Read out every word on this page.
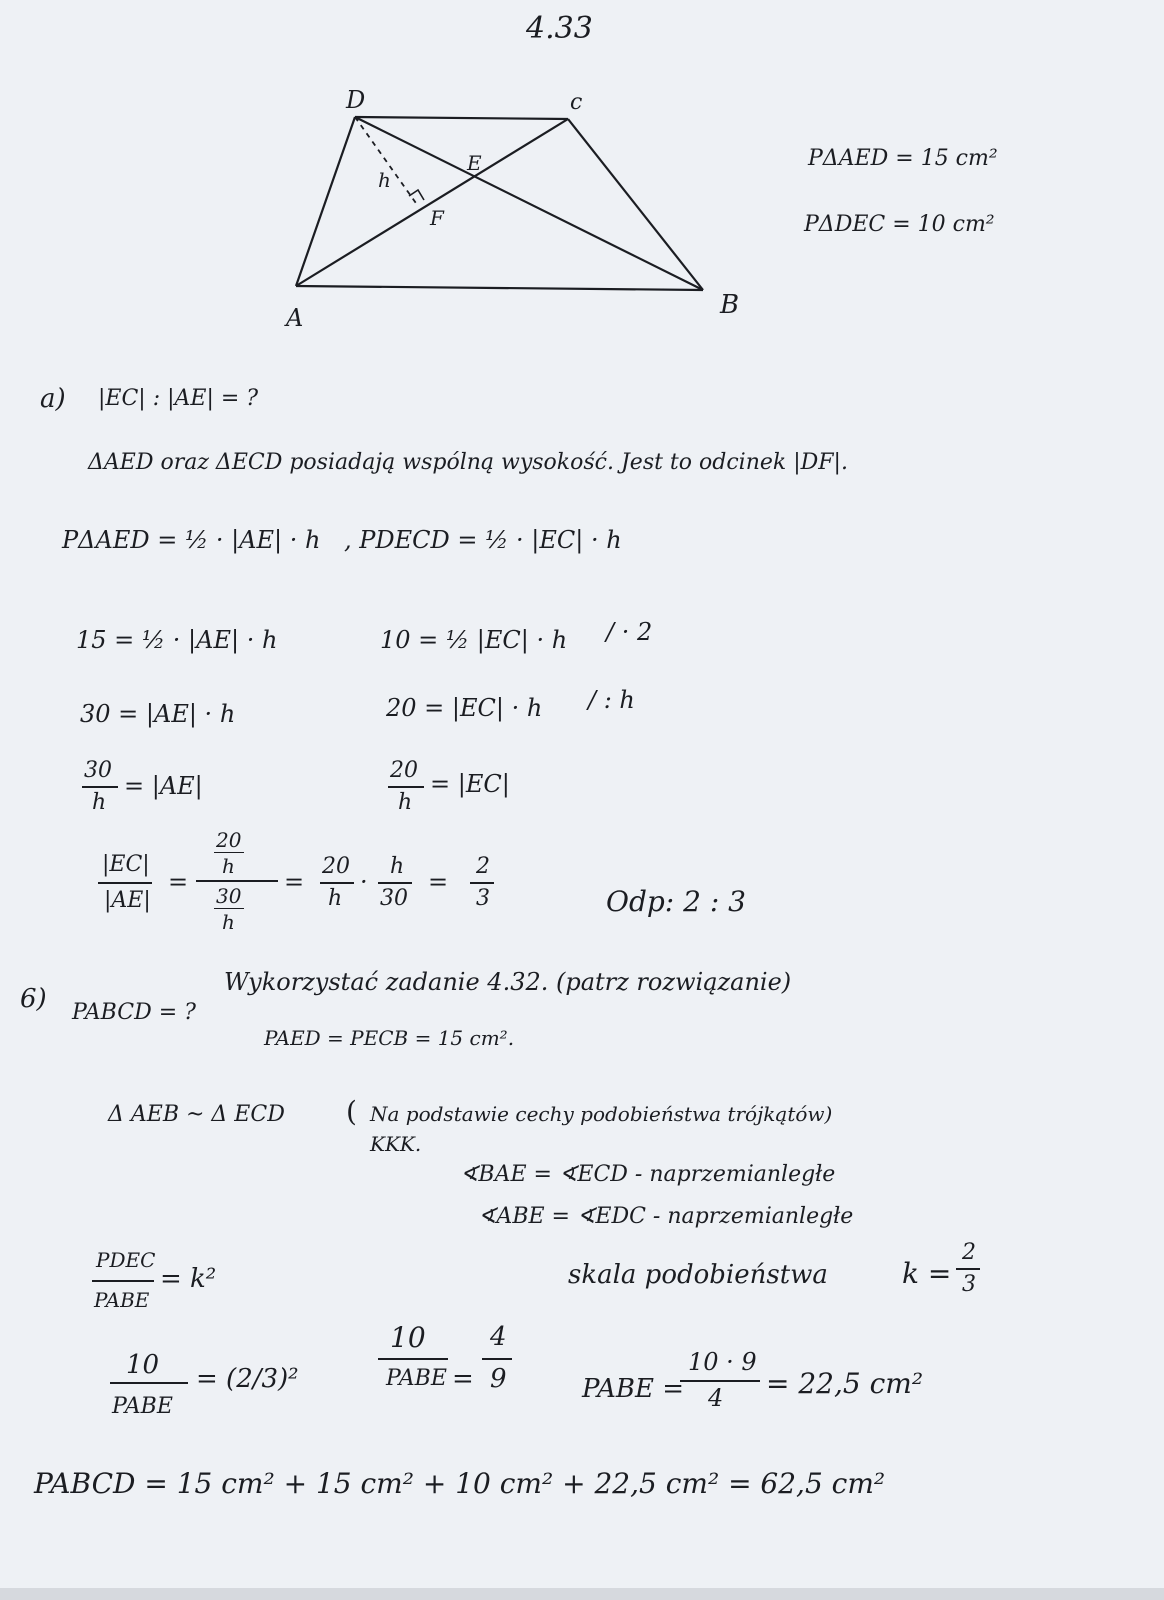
4.33
D	c
E
F
h
A	B
PΔAED = 15 cm²
PΔDEC = 10 cm²
a) |EC| : |AE| = ?
ΔAED oraz ΔECD posiadają wspólną wysokość. Jest to odcinek |DF|.
PΔAED = ½ · |AE| · h , PDECD = ½ · |EC| · h
15 = ½ · |AE| · h	10 = ½ |EC| · h / · 2
30 = |AE| · h	20 = |EC| · h / : h
30
h
= |AE|
20
h
= |EC|
|EC|
|AE|
=
20
h
30
h
=
20
h
·
h
30
=
2
3	Odp: 2 : 3
6) PABCD = ?
Wykorzystać zadanie 4.32. (patrz rozwiązanie)
PAED = PECB = 15 cm².
Δ AEB ~ Δ ECD ( Na podstawie cechy podobieństwa trójkątów)
KKK.
∢BAE = ∢ECD - naprzemianległe
∢ABE = ∢EDC - naprzemianległe
skala podobieństwa	k =
2
3
PDEC
PABE
= k²
10
PABE
= (2/3)²
10
PABE =
4
9	PABE =
10 · 9
4 = 22,5 cm²
PABCD = 15 cm² + 15 cm² + 10 cm² + 22,5 cm² = 62,5 cm²
